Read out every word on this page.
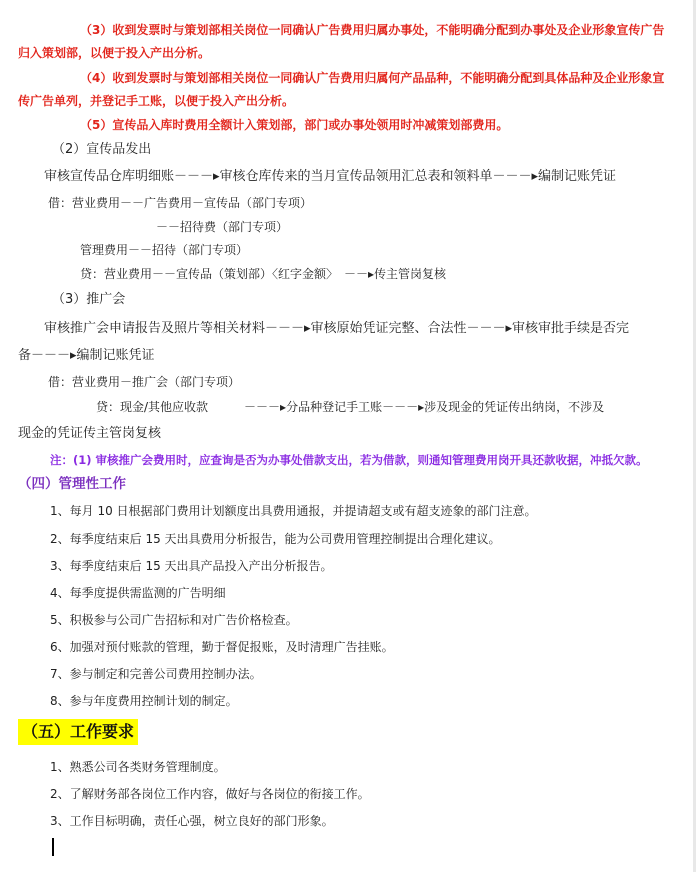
（3）收到发票时与策划部相关岗位一同确认广告费用归属办事处，不能明确分配到办事处及企业形象宣传广告
归入策划部，以便于投入产出分析。
（4）收到发票时与策划部相关岗位一同确认广告费用归属何产品品种，不能明确分配到具体品种及企业形象宣
传广告单列，并登记手工账，以便于投入产出分析。
（5）宣传品入库时费用全额计入策划部，部门或办事处领用时冲减策划部费用。
（2）宣传品发出
审核宣传品仓库明细账－－－▸审核仓库传来的当月宣传品领用汇总表和领料单－－－▸编制记账凭证
借：营业费用－－广告费用－宣传品（部门专项）
－－招待费（部门专项）
管理费用－－招待（部门专项）
贷：营业费用－－宣传品（策划部）〈红字金额〉　－－▸传主管岗复核
（3）推广会
审核推广会申请报告及照片等相关材料－－－▸审核原始凭证完整、合法性－－－▸审核审批手续是否完
备－－－▸编制记账凭证
借：营业费用－推广会（部门专项）
贷：现金/其他应收款　　　－－－▸分品种登记手工账－－－▸涉及现金的凭证传出纳岗，不涉及
现金的凭证传主管岗复核
注：(1) 审核推广会费用时，应查询是否为办事处借款支出，若为借款，则通知管理费用岗开具还款收据，冲抵欠款。
（四）管理性工作
1、每月 10 日根据部门费用计划额度出具费用通报，并提请超支或有超支迹象的部门注意。
2、每季度结束后 15 天出具费用分析报告，能为公司费用管理控制提出合理化建议。
3、每季度结束后 15 天出具产品投入产出分析报告。
4、每季度提供需监测的广告明细
5、积极参与公司广告招标和对广告价格检查。
6、加强对预付账款的管理，勤于督促报账，及时清理广告挂账。
7、参与制定和完善公司费用控制办法。
8、参与年度费用控制计划的制定。
（五）工作要求
1、熟悉公司各类财务管理制度。
2、了解财务部各岗位工作内容，做好与各岗位的衔接工作。
3、工作目标明确，责任心强，树立良好的部门形象。
